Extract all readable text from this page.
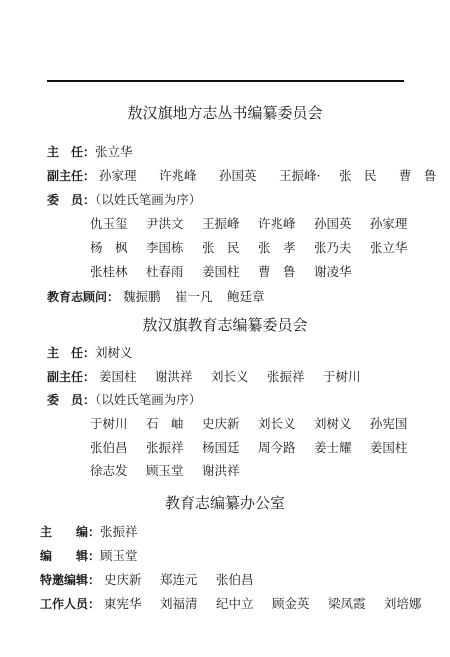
敖汉旗地方志丛书编纂委员会
主　任：张立华
副主任： 孙家理 许兆峰 孙国英 王振峰· 张　民 曹　鲁
委　员：（以姓氏笔画为序）
仇玉玺 尹洪文 王振峰 许兆峰 孙国英 孙家理
杨　枫 李国栋 张　民 张　孝 张乃夫 张立华
张桂林 杜春雨 姜国柱 曹　鲁 谢凌华
教育志顾问： 魏振鹏 崔一凡 鲍廷章
敖汉旗教育志编纂委员会
主　任：刘树义
副主任： 姜国柱 谢洪祥 刘长义 张振祥 于树川
委　员：（以姓氏笔画为序）
于树川 石　岫 史庆新 刘长义 刘树义 孙宪国
张伯昌 张振祥 杨国廷 周今路 姜士耀 姜国柱
徐志发 顾玉堂 谢洪祥
教育志编纂办公室
主　　编：张振祥
编　　辑：顾玉堂
特邀编辑： 史庆新 郑连元 张伯昌
工作人员： 東宪华 刘福清 纪中立 顾金英 梁凤霞 刘培娜
